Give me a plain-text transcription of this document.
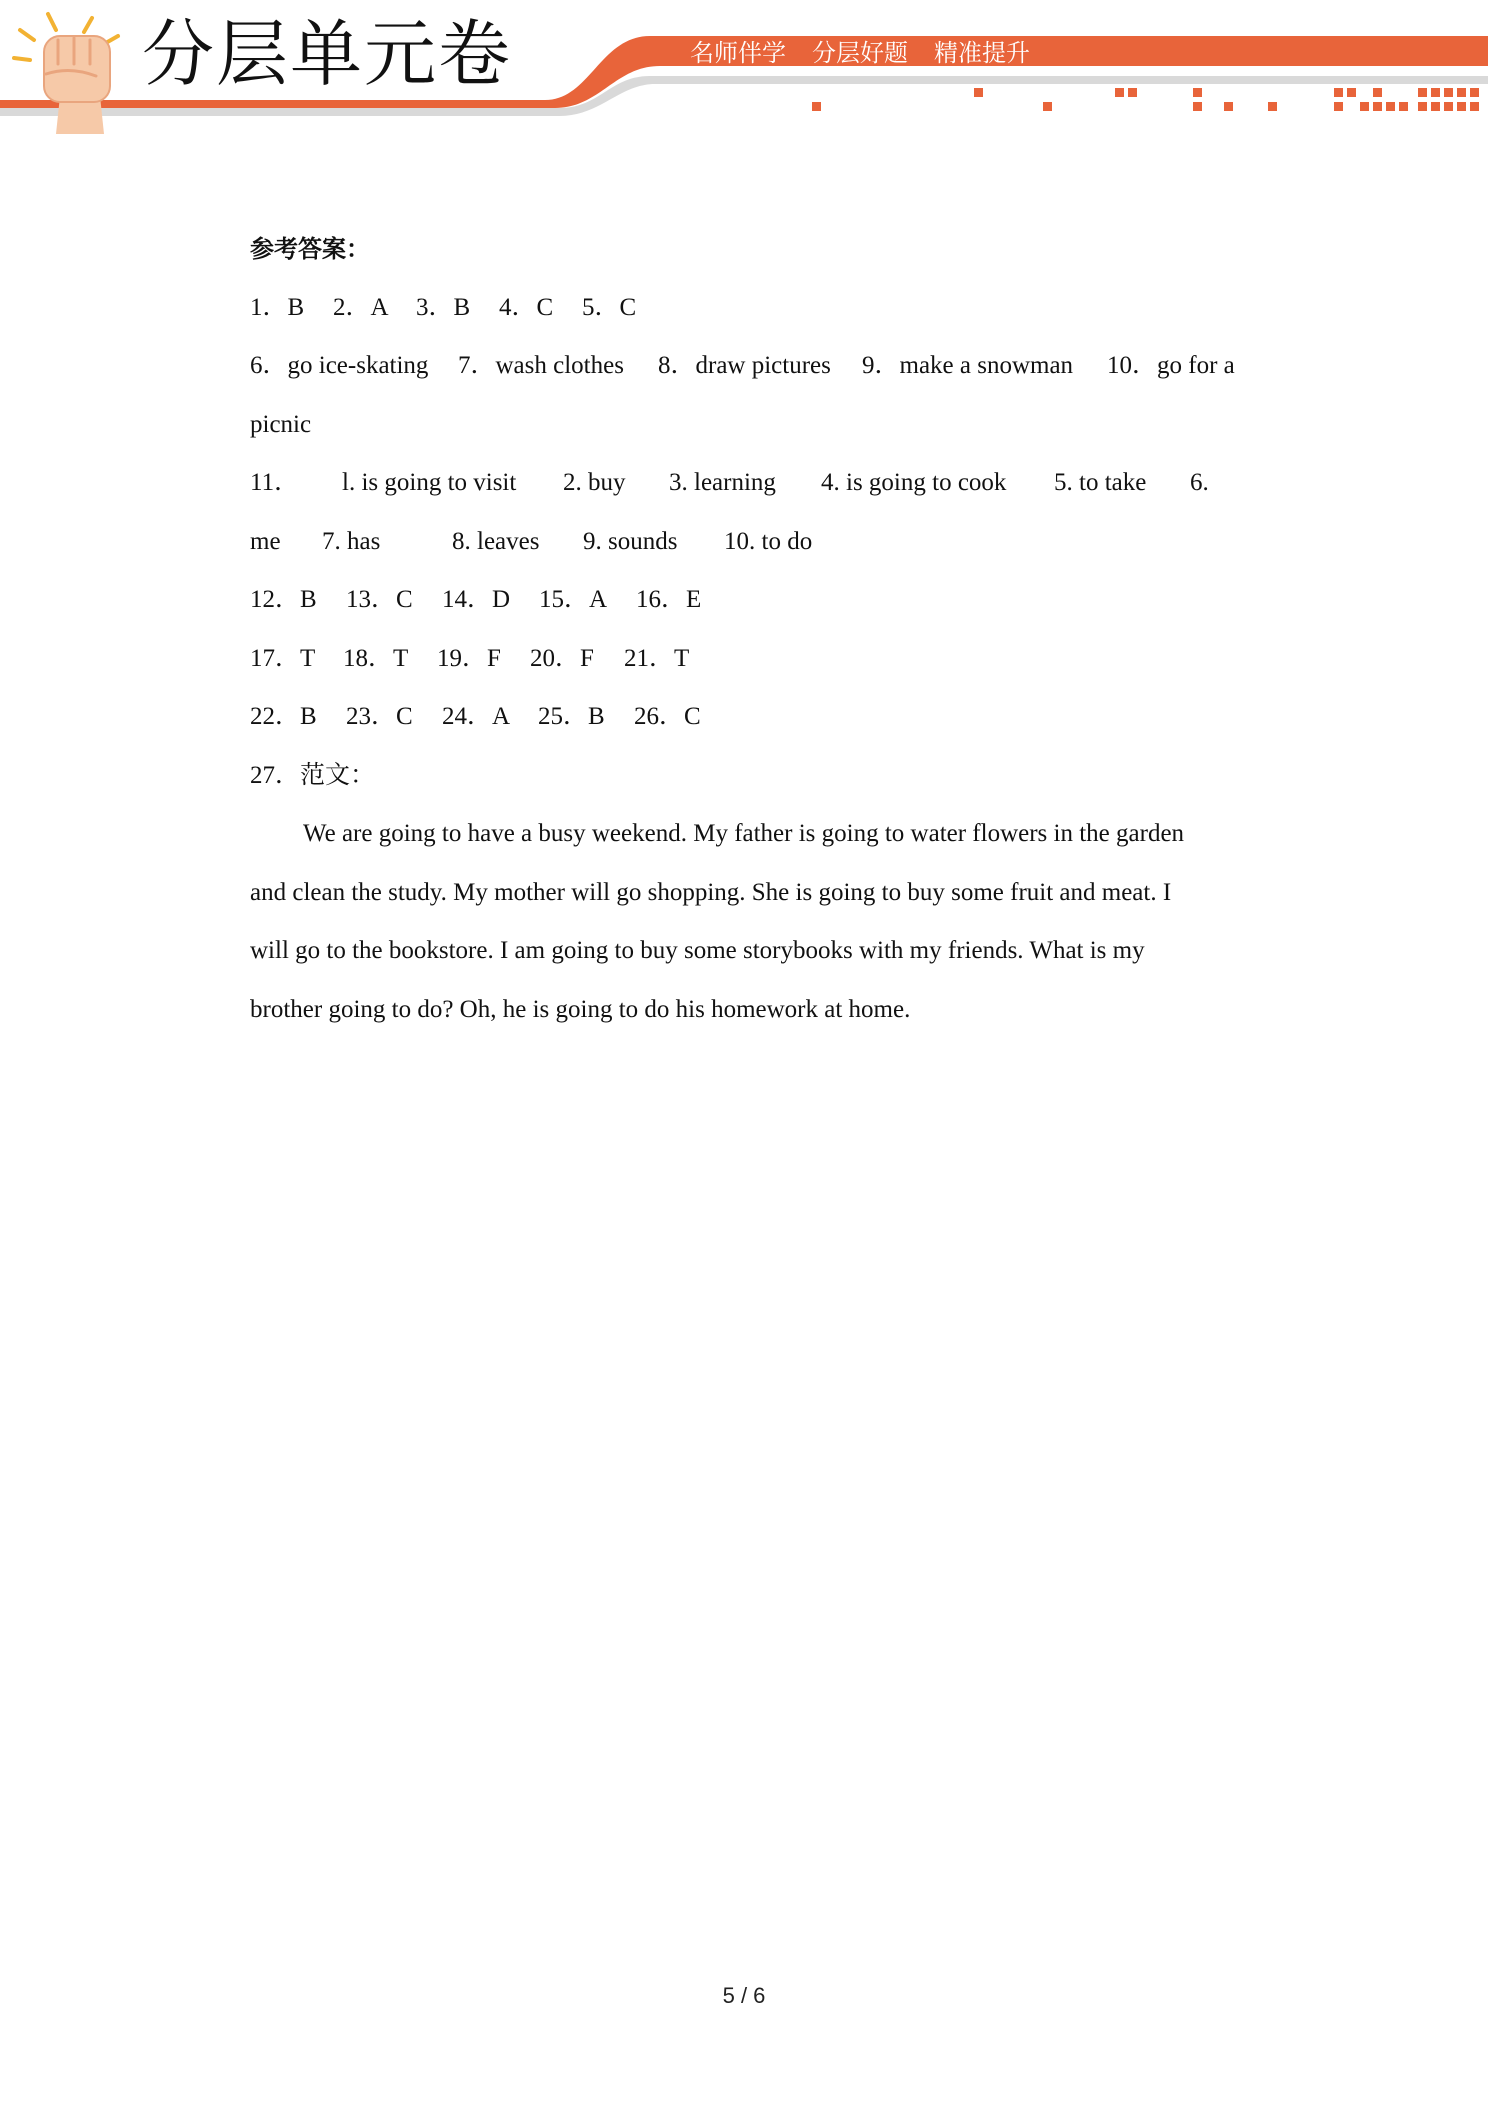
分层单元卷	名师伴学 分层好题 精准提升
参考答案：
1．B 2．A 3．B 4．C 5．C
6．go ice-skating 7．wash clothes 8．draw pictures 9．make a snowman 10．go for a
picnic
11． l. is going to visit 2. buy 3. learning 4. is going to cook 5. to take 6.
me 7. has	8. leaves 9. sounds 10. to do
12．B 13．C 14．D 15．A 16．E
17．T 18．T 19．F 20．F 21．T
22．B 23．C 24．A 25．B 26．C
27．范文：
We are going to have a busy weekend. My father is going to water flowers in the garden
and clean the study. My mother will go shopping. She is going to buy some fruit and meat. I
will go to the bookstore. I am going to buy some storybooks with my friends. What is my
brother going to do? Oh, he is going to do his homework at home.
5 / 6
